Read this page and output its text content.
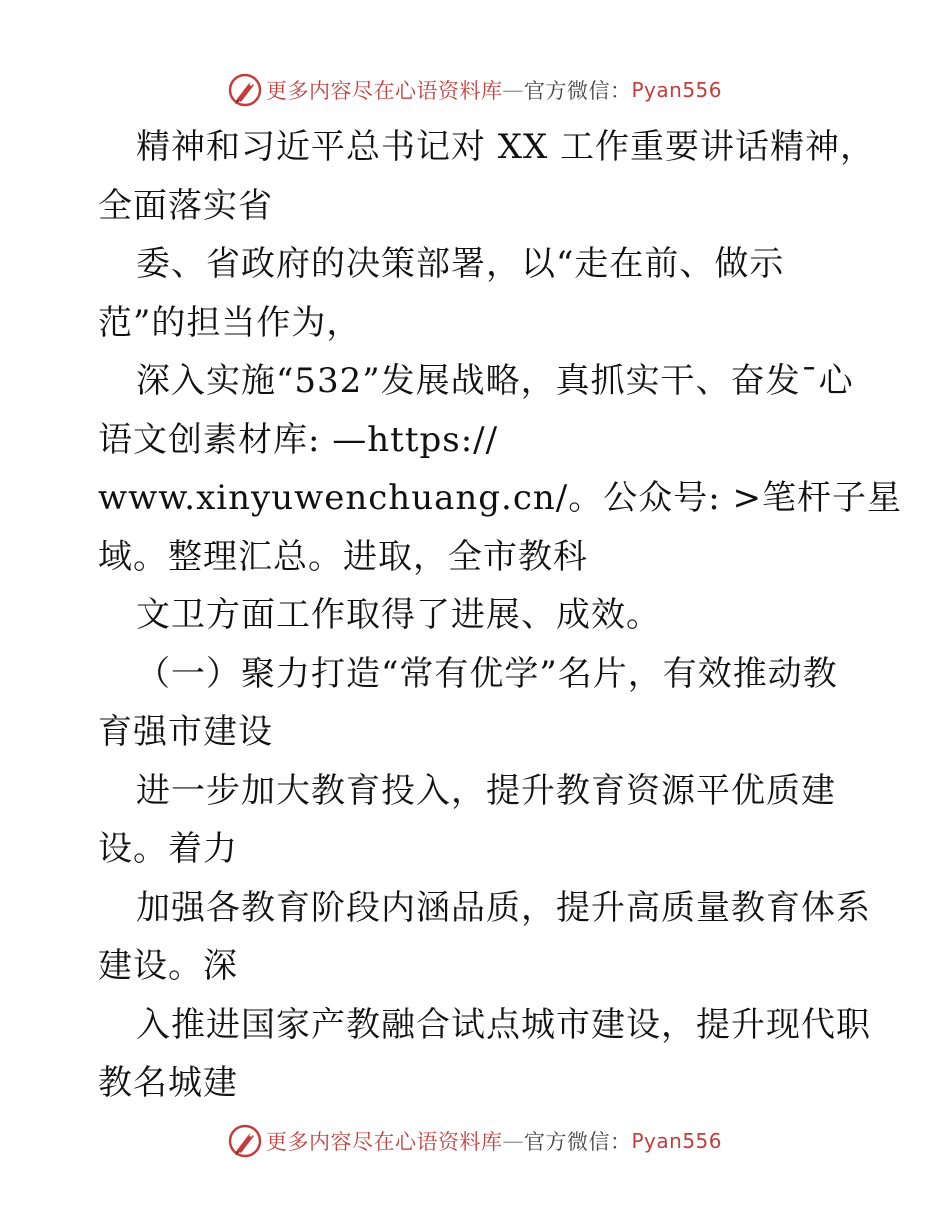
更多内容尽在心语资料库 — 官方微信： Pyan556
精神和习近平总书记对 XX 工作重要讲话精神，
全面落实省
委、省政府的决策部署，以“走在前、做示
范”的担当作为，
深入实施“532”发展战略，真抓实干、奋发¯心
语文创素材库: —https://
www.xinyuwenchuang.cn/。公众号: >笔杆子星
域。整理汇总。进取，全市教科
文卫方面工作取得了进展、成效。
（一）聚力打造“常有优学”名片，有效推动教
育强市建设
进一步加大教育投入，提升教育资源平优质建
设。着力
加强各教育阶段内涵品质，提升高质量教育体系
建设。深
入推进国家产教融合试点城市建设，提升现代职
教名城建
更多内容尽在心语资料库 — 官方微信： Pyan556
